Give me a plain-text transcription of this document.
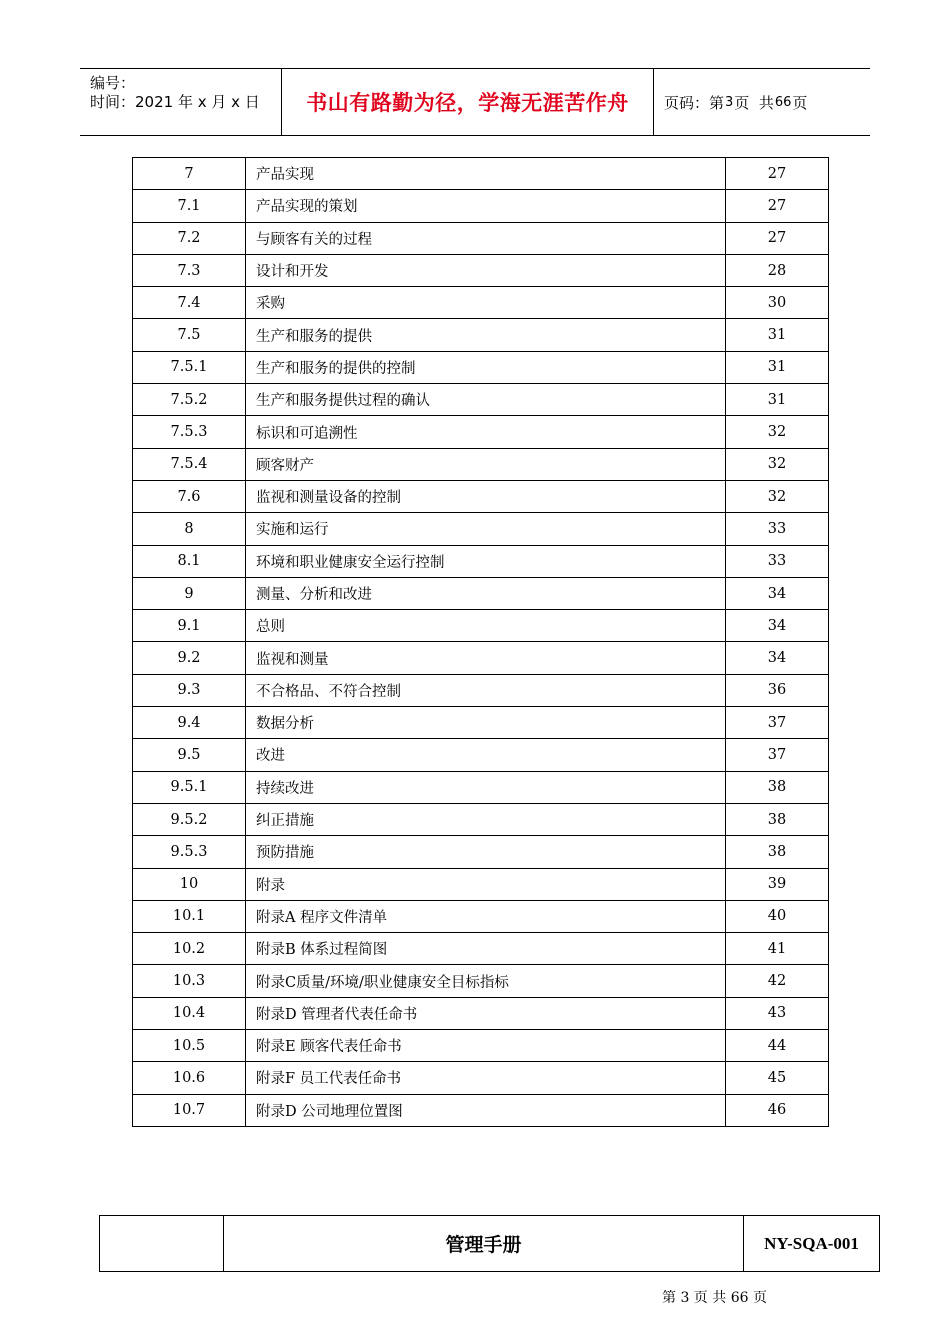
编号：
时间：2021 年 x 月 x 日 书山有路勤为径，学海无涯苦作舟 页码：第 3 页  共 66 页
7	产品实现	27
7.1	产品实现的策划	27
7.2	与顾客有关的过程	27
7.3	设计和开发	28
7.4	采购	30
7.5	生产和服务的提供	31
7.5.1	生产和服务的提供的控制	31
7.5.2	生产和服务提供过程的确认	31
7.5.3	标识和可追溯性	32
7.5.4	顾客财产	32
7.6	监视和测量设备的控制	32
8	实施和运行	33
8.1	环境和职业健康安全运行控制	33
9	测量、分析和改进	34
9.1	总则	34
9.2	监视和测量	34
9.3	不合格品、不符合控制	36
9.4	数据分析	37
9.5	改进	37
9.5.1	持续改进	38
9.5.2	纠正措施	38
9.5.3	预防措施	38
10	附录	39
10.1	附录A 程序文件清单	40
10.2	附录B 体系过程简图	41
10.3	附录C质量/环境/职业健康安全目标指标	42
10.4	附录D 管理者代表任命书	43
10.5	附录E 顾客代表任命书	44
10.6	附录F 员工代表任命书	45
10.7	附录D 公司地理位置图	46
管理手册	NY-SQA-001
第 3 页 共 66 页
